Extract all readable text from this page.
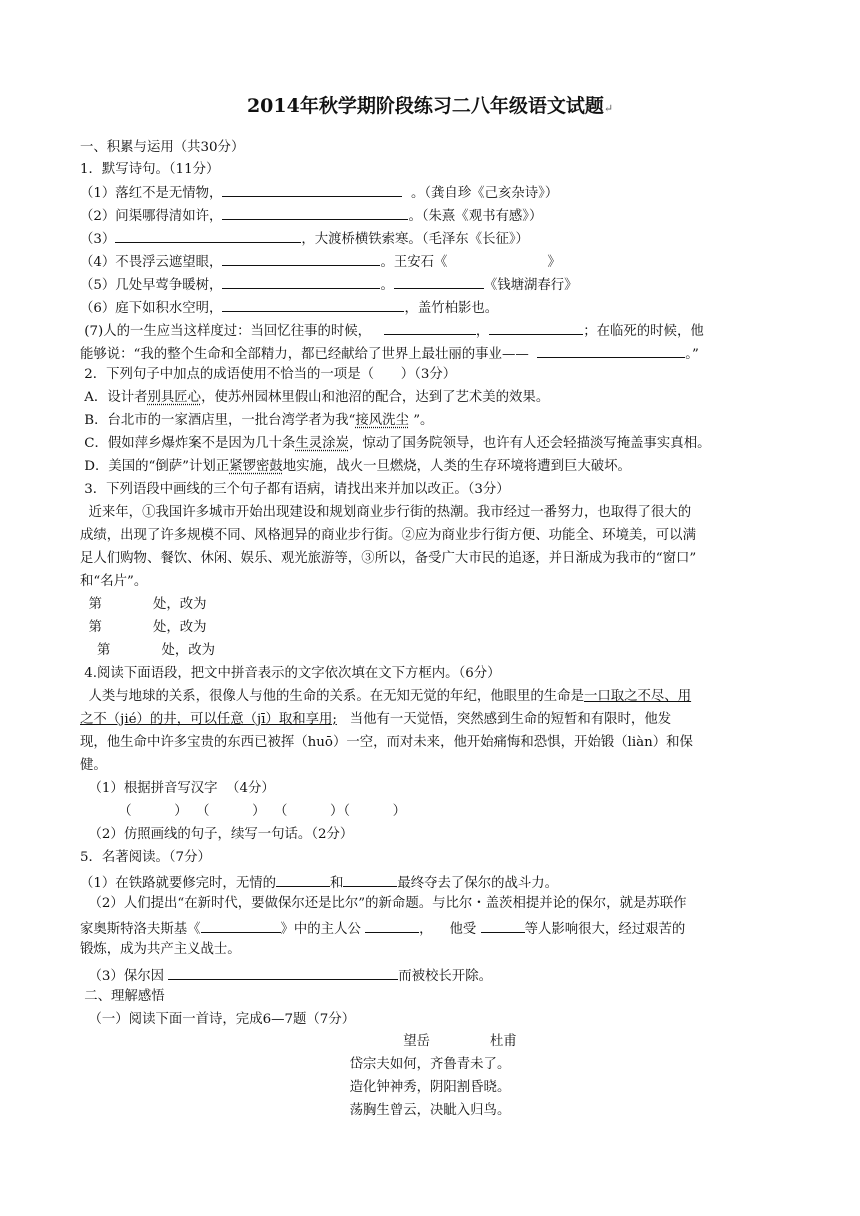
2014年秋学期阶段练习二八年级语文试题↵
一、积累与运用（共30分）
1．默写诗句。（11分）
（1）落红不是无情物，	。（龚自珍《己亥杂诗》）
（2）问渠哪得清如许，	。（朱熹《观书有感》）
（3）	，大渡桥横铁索寒。（毛泽东《长征》）
（4）不畏浮云遮望眼，	。王安石《	》
（5）几处早莺争暖树，	。	《钱塘湖春行》
（6）庭下如积水空明，	，盖竹柏影也。
(7)人的一生应当这样度过：当回忆往事的时候，	，	；在临死的时候，他
能够说：“我的整个生命和全部精力，都已经献给了世界上最壮丽的事业——	。”
2．下列句子中加点的成语使用不恰当的一项是（　　）（3分）
A．设计者别具匠心，使苏州园林里假山和池沼的配合，达到了艺术美的效果。
B．台北市的一家酒店里，一批台湾学者为我“接风洗尘 ”。
C．假如萍乡爆炸案不是因为几十条生灵涂炭，惊动了国务院领导，也许有人还会轻描淡写掩盖事实真相。
D．美国的“倒萨”计划正紧锣密鼓地实施，战火一旦燃烧，人类的生存环境将遭到巨大破坏。
3．下列语段中画线的三个句子都有语病，请找出来并加以改正。（3分）
近来年，①我国许多城市开始出现建设和规划商业步行街的热潮。我市经过一番努力，也取得了很大的
成绩，出现了许多规模不同、风格迥异的商业步行街。②应为商业步行街方便、功能全、环境美，可以满
足人们购物、餐饮、休闲、娱乐、观光旅游等，③所以，备受广大市民的追逐，并日渐成为我市的“窗口”
和“名片”。
第            处，改为
第            处，改为
第            处，改为
4.阅读下面语段，把文中拼音表示的文字依次填在文下方框内。（6分）
人类与地球的关系，很像人与他的生命的关系。在无知无觉的年纪，他眼里的生命是一口取之不尽、用
之不（jié）的井，可以任意（jī）取和享用;   当他有一天觉悟，突然感到生命的短暂和有限时，他发
现，他生命中许多宝贵的东西已被挥（huō）一空，而对未来，他开始痛悔和恐惧，开始锻（liàn）和保
健。
（1）根据拼音写汉字  （4分）
（          ）  （          ）  （          ）（          ）
（2）仿照画线的句子，续写一句话。（2分）
5．名著阅读。（7分）
（1）在铁路就要修完时，无情的	和	最终夺去了保尔的战斗力。
（2）人们提出“在新时代，要做保尔还是比尔”的新命题。与比尔・盖茨相提并论的保尔，就是苏联作
家奥斯特洛夫斯基《	》中的主人公	，    他受	等人影响很大，经过艰苦的
锻炼，成为共产主义战士。
（3）保尔因	而被校长开除。
二、理解感悟
（一）阅读下面一首诗，完成6—7题（7分）
望岳	杜甫
岱宗夫如何，齐鲁青未了。
造化钟神秀，阴阳割昏晓。
荡胸生曾云，决眦入归鸟。
